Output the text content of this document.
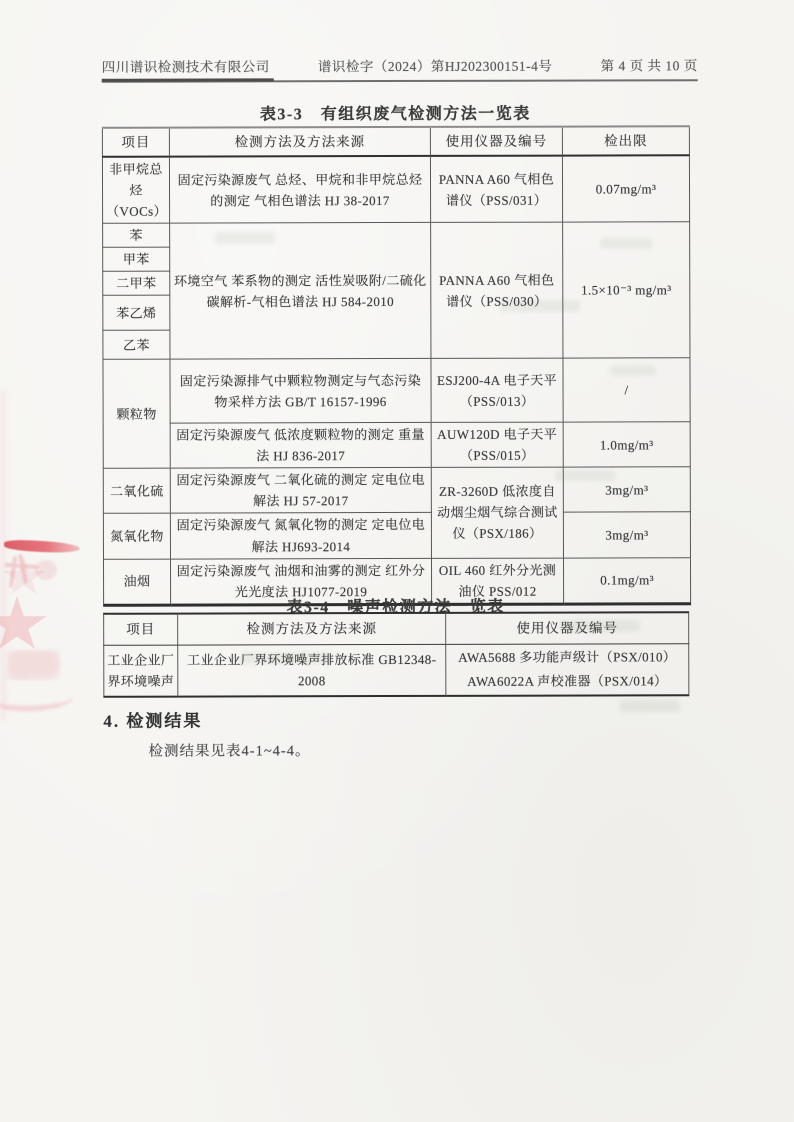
四川谱识检测技术有限公司	谱识检字（2024）第HJ202300151-4号	第 4 页 共 10 页
表3-3　有组织废气检测方法一览表
项目	检测方法及方法来源	使用仪器及编号	检出限
非甲烷总烃（VOCs）	固定污染源废气 总烃、甲烷和非甲烷总烃的测定 气相色谱法 HJ 38-2017	PANNA A60 气相色谱仪（PSS/031）	0.07mg/m³
苯	环境空气 苯系物的测定 活性炭吸附/二硫化碳解析-气相色谱法 HJ 584-2010	PANNA A60 气相色谱仪（PSS/030）	1.5×10⁻³ mg/m³
甲苯			
二甲苯			
苯乙烯			
乙苯			
颗粒物	固定污染源排气中颗粒物测定与气态污染物采样方法 GB/T 16157-1996	ESJ200-4A 电子天平（PSS/013）	/
	固定污染源废气 低浓度颗粒物的测定 重量法 HJ 836-2017	AUW120D 电子天平（PSS/015）	1.0mg/m³
二氧化硫	固定污染源废气 二氧化硫的测定 定电位电解法 HJ 57-2017	ZR-3260D 低浓度自动烟尘烟气综合测试仪（PSX/186）	3mg/m³
氮氧化物	固定污染源废气 氮氧化物的测定 定电位电解法 HJ693-2014		3mg/m³
油烟	固定污染源废气 油烟和油雾的测定 红外分光光度法 HJ1077-2019	OIL 460 红外分光测油仪 PSS/012	0.1mg/m³
表3-4　噪声检测方法一览表
项目	检测方法及方法来源	使用仪器及编号
工业企业厂界环境噪声	工业企业厂界环境噪声排放标准 GB12348-2008	AWA5688 多功能声级计（PSX/010）
AWA6022A 声校准器（PSX/014）
4. 检测结果
检测结果见表4-1~4-4。
